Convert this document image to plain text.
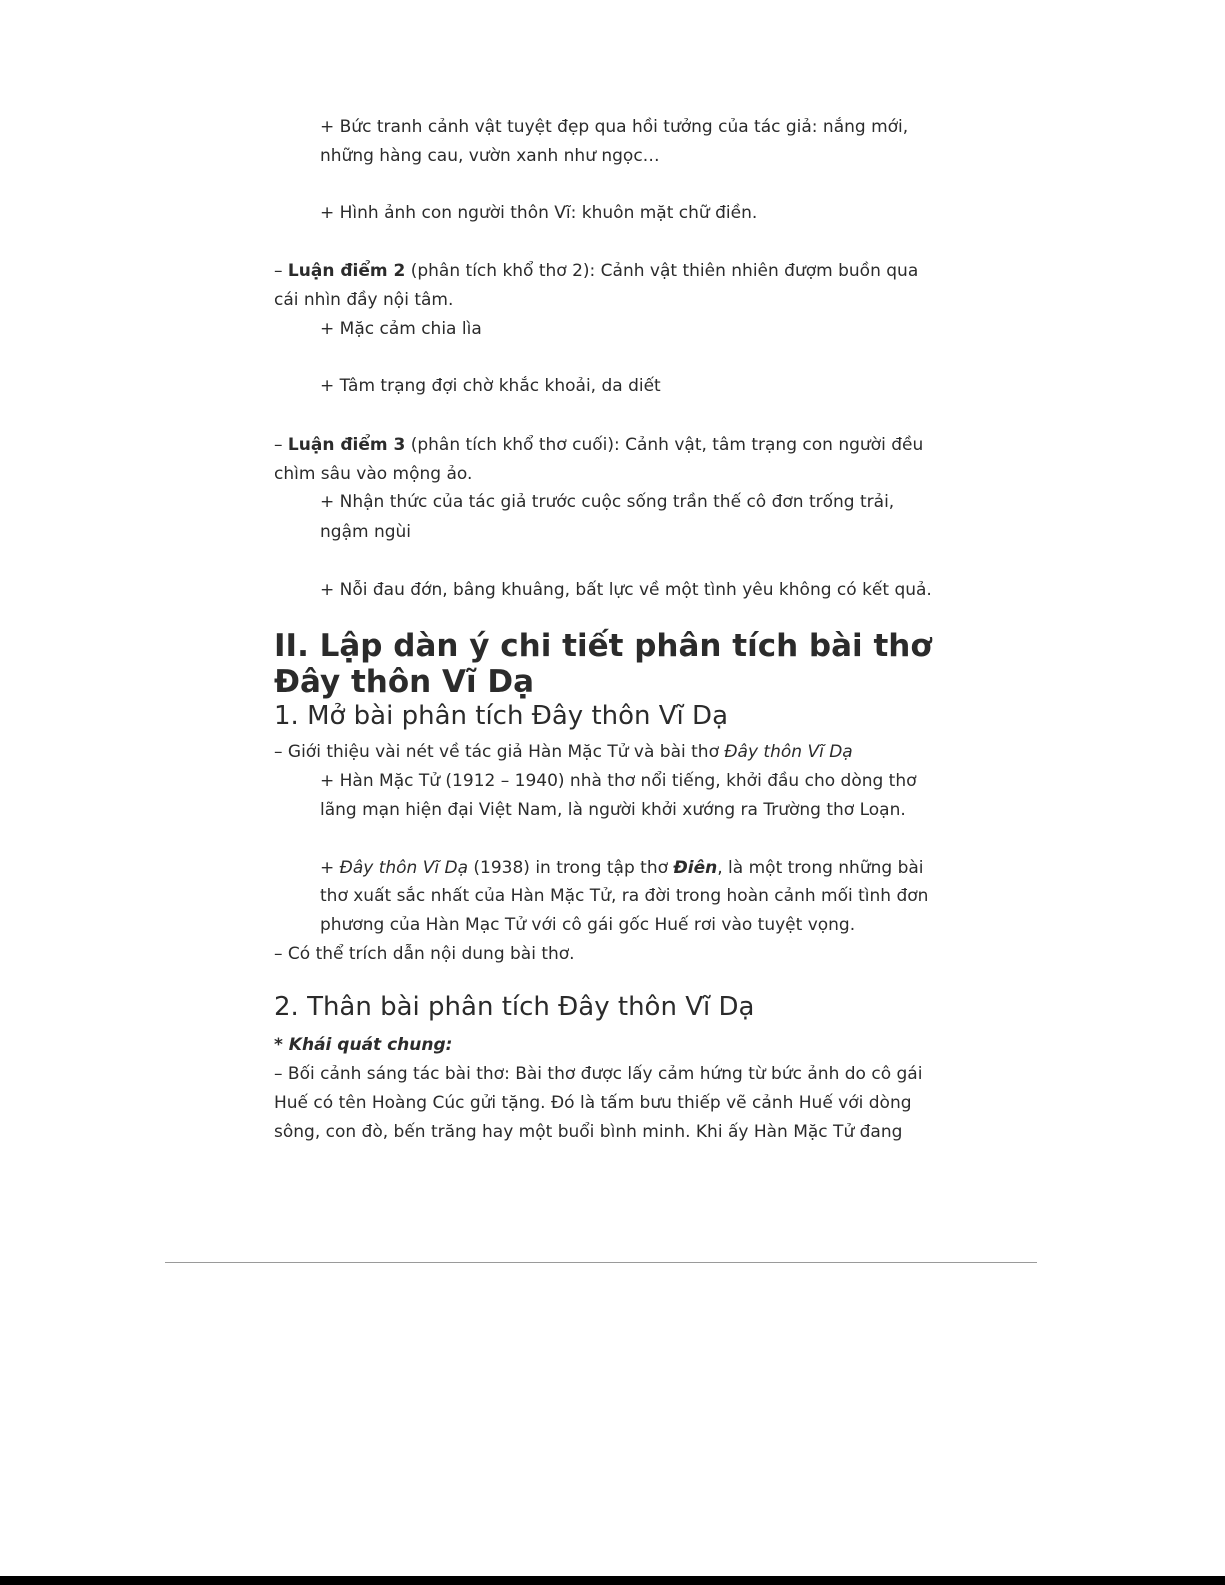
+ Bức tranh cảnh vật tuyệt đẹp qua hồi tưởng của tác giả: nắng mới,
những hàng cau, vườn xanh như ngọc…
+ Hình ảnh con người thôn Vĩ: khuôn mặt chữ điền.
– Luận điểm 2 (phân tích khổ thơ 2): Cảnh vật thiên nhiên đượm buồn qua
cái nhìn đầy nội tâm.
+ Mặc cảm chia lìa
+ Tâm trạng đợi chờ khắc khoải, da diết
– Luận điểm 3 (phân tích khổ thơ cuối): Cảnh vật, tâm trạng con người đều
chìm sâu vào mộng ảo.
+ Nhận thức của tác giả trước cuộc sống trần thế cô đơn trống trải,
ngậm ngùi
+ Nỗi đau đớn, bâng khuâng, bất lực về một tình yêu không có kết quả.
II. Lập dàn ý chi tiết phân tích bài thơ
Đây thôn Vĩ Dạ
1. Mở bài phân tích Đây thôn Vĩ Dạ
– Giới thiệu vài nét về tác giả Hàn Mặc Tử và bài thơ Đây thôn Vĩ Dạ
+ Hàn Mặc Tử (1912 – 1940) nhà thơ nổi tiếng, khởi đầu cho dòng thơ
lãng mạn hiện đại Việt Nam, là người khởi xướng ra Trường thơ Loạn.
+ Đây thôn Vĩ Dạ (1938) in trong tập thơ Điên, là một trong những bài
thơ xuất sắc nhất của Hàn Mặc Tử, ra đời trong hoàn cảnh mối tình đơn
phương của Hàn Mạc Tử với cô gái gốc Huế rơi vào tuyệt vọng.
– Có thể trích dẫn nội dung bài thơ.
2. Thân bài phân tích Đây thôn Vĩ Dạ
* Khái quát chung:
– Bối cảnh sáng tác bài thơ: Bài thơ được lấy cảm hứng từ bức ảnh do cô gái
Huế có tên Hoàng Cúc gửi tặng. Đó là tấm bưu thiếp vẽ cảnh Huế với dòng
sông, con đò, bến trăng hay một buổi bình minh. Khi ấy Hàn Mặc Tử đang
